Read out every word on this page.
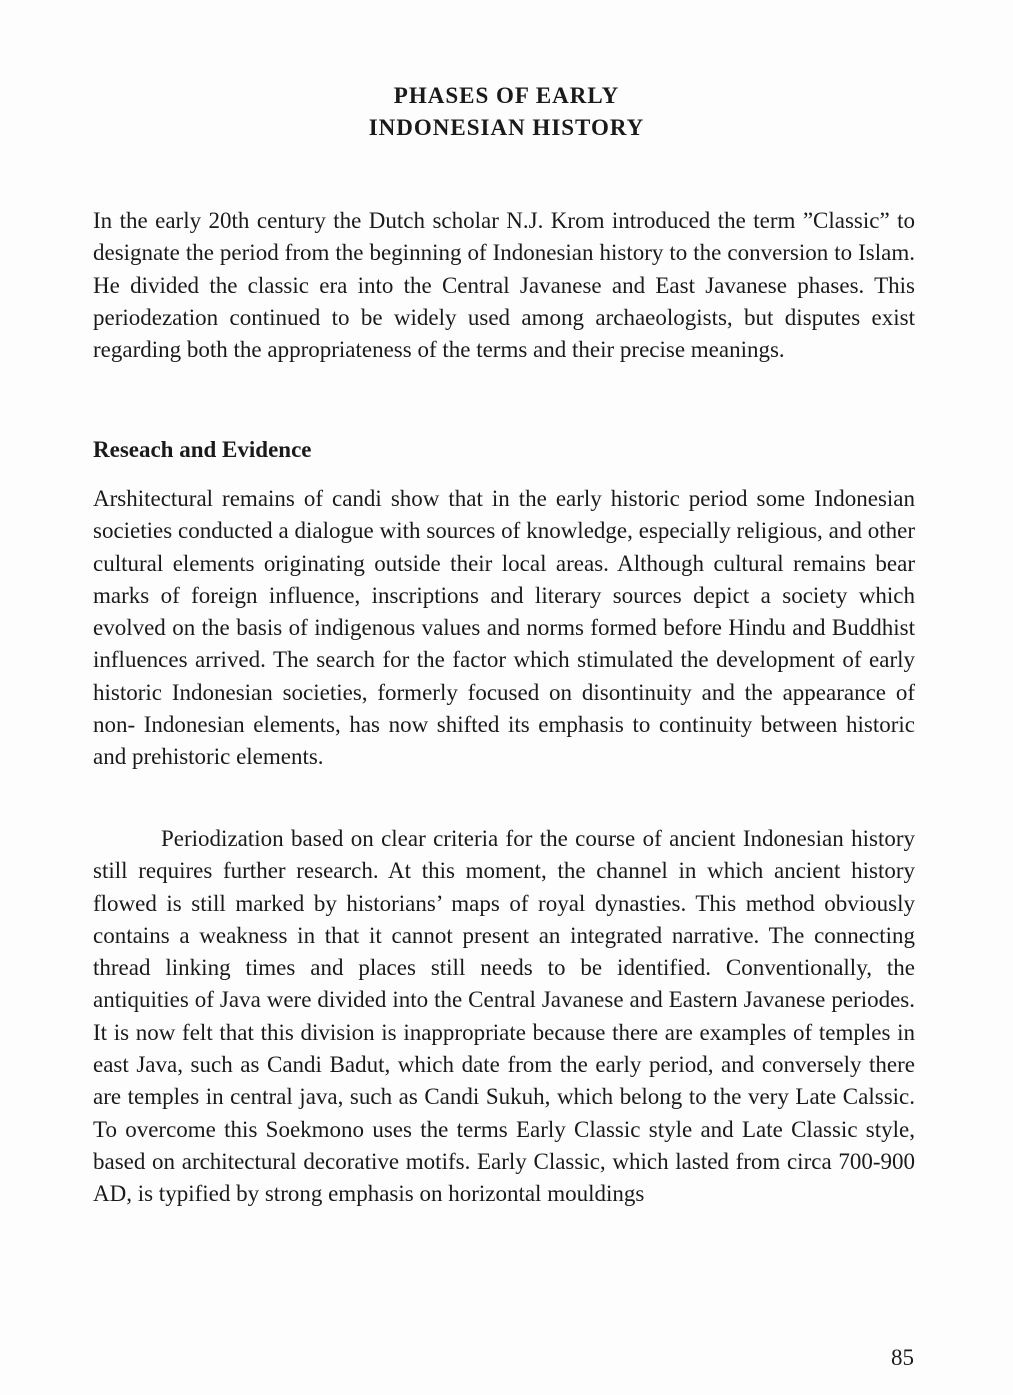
PHASES OF EARLY
INDONESIAN HISTORY

In the early 20th century the Dutch scholar N.J. Krom introduced the term ”Classic” to designate the period from the beginning of Indonesian history to the conversion to Islam. He divided the classic era into the Central Javanese and East Javanese phases. This periodezation continued to be widely used among archaeologists, but disputes exist regarding both the appropriateness of the terms and their precise meanings.

Reseach and Evidence

Arshitectural remains of candi show that in the early historic period some Indonesian societies conducted a dialogue with sources of knowledge, especially religious, and other cultural elements originating outside their local areas. Although cultural remains bear marks of foreign influence, inscriptions and literary sources depict a society which evolved on the basis of indigenous values and norms formed before Hindu and Buddhist influences arrived. The search for the factor which stimulated the development of early historic Indonesian societies, formerly focused on disontinuity and the appearance of non- Indonesian elements, has now shifted its emphasis to continuity between historic and prehistoric elements.

Periodization based on clear criteria for the course of ancient Indonesian history still requires further research. At this moment, the channel in which ancient history flowed is still marked by historians’ maps of royal dynasties. This method obviously contains a weakness in that it cannot present an integrated narrative. The connecting thread linking times and places still needs to be identified. Conventionally, the antiquities of Java were divided into the Central Javanese and Eastern Javanese periodes. It is now felt that this division is inappropriate because there are examples of temples in east Java, such as Candi Badut, which date from the early period, and conversely there are temples in central java, such as Candi Sukuh, which belong to the very Late Calssic. To overcome this Soekmono uses the terms Early Classic style and Late Classic style, based on architectural decorative motifs. Early Classic, which lasted from circa 700-900 AD, is typified by strong emphasis on horizontal mouldings

85
